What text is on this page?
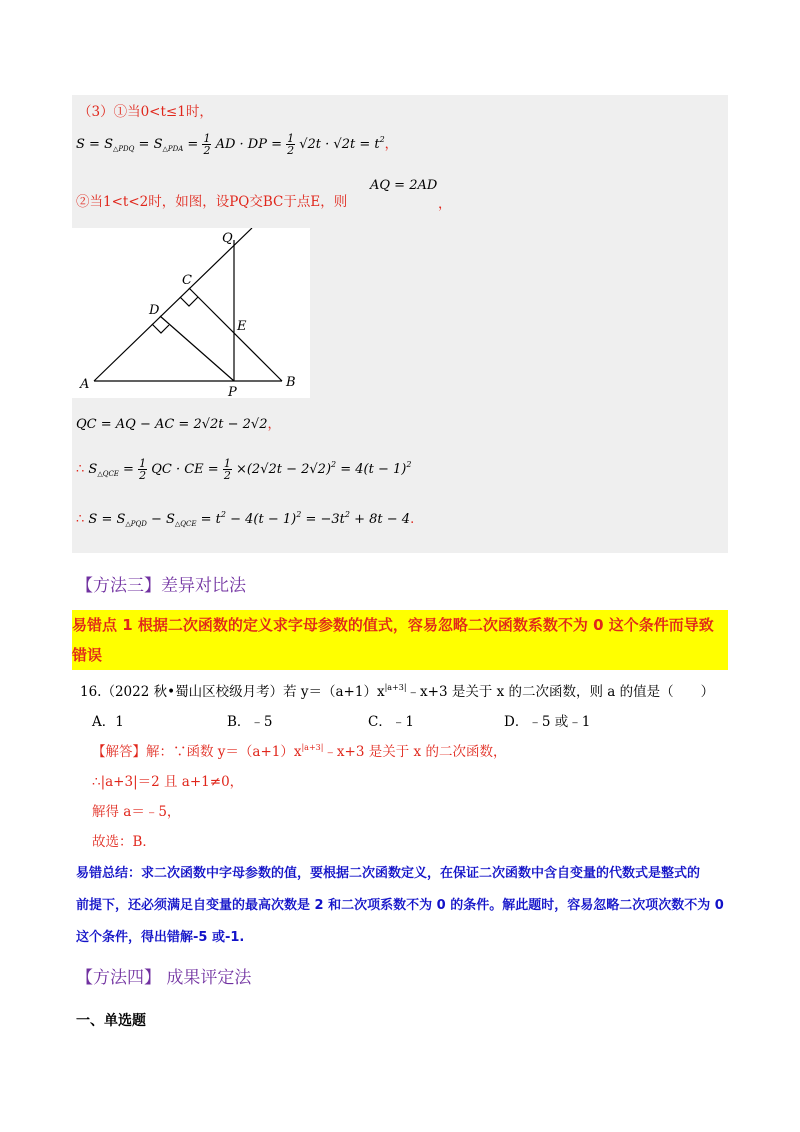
（3）①当0<t≤1时，
$S = S_{\triangle PDQ} = S_{\triangle PDA} = \frac{1}{2}$ AD · DP = $\frac{1}{2} √2t \cdot √2t = t^2$，
②当1<t<2时，如图，设PQ交BC于点E，则
AQ = 2AD
，
Q
C
D
E
A
P
B
QC = AQ − AC = 2√2t − 2√2，
∴ $S_{\triangle QCE} = \frac{1}{2}$ QC · CE = $\frac{1}{2} \times(2√2t - 2√2)^2 = 4(t - 1)^2$
∴ $S = S_{\triangle PQD} - S_{\triangle QCE} = t^2 - 4(t - 1)^2 = -3t^2 + 8t - 4$.
【方法三】差异对比法
易错点 1 根据二次函数的定义求字母参数的值式，容易忽略二次函数系数不为 0 这个条件而导致错误
16.（2022 秋•蜀山区校级月考）若 $y=(a+1)x^{|a+3|}﹣x+3$ 是关于 x 的二次函数，则 a 的值是（　　）
A．1	B．﹣5	C．﹣1	D．﹣5 或﹣1
【解答】解：∵函数 $y=(a+1)x^{|a+3|}﹣x+3$ 是关于 x 的二次函数，
∴|a+3|＝2 且 a+1≠0，
解得 a＝﹣5，
故选：B．
易错总结：求二次函数中字母参数的值，要根据二次函数定义，在保证二次函数中含自变量的代数式是整式的
前提下，还必须满足自变量的最高次数是 2 和二次项系数不为 0 的条件。解此题时，容易忽略二次项次数不为 0
这个条件，得出错解-5 或-1.
【方法四】 成果评定法
一、单选题
